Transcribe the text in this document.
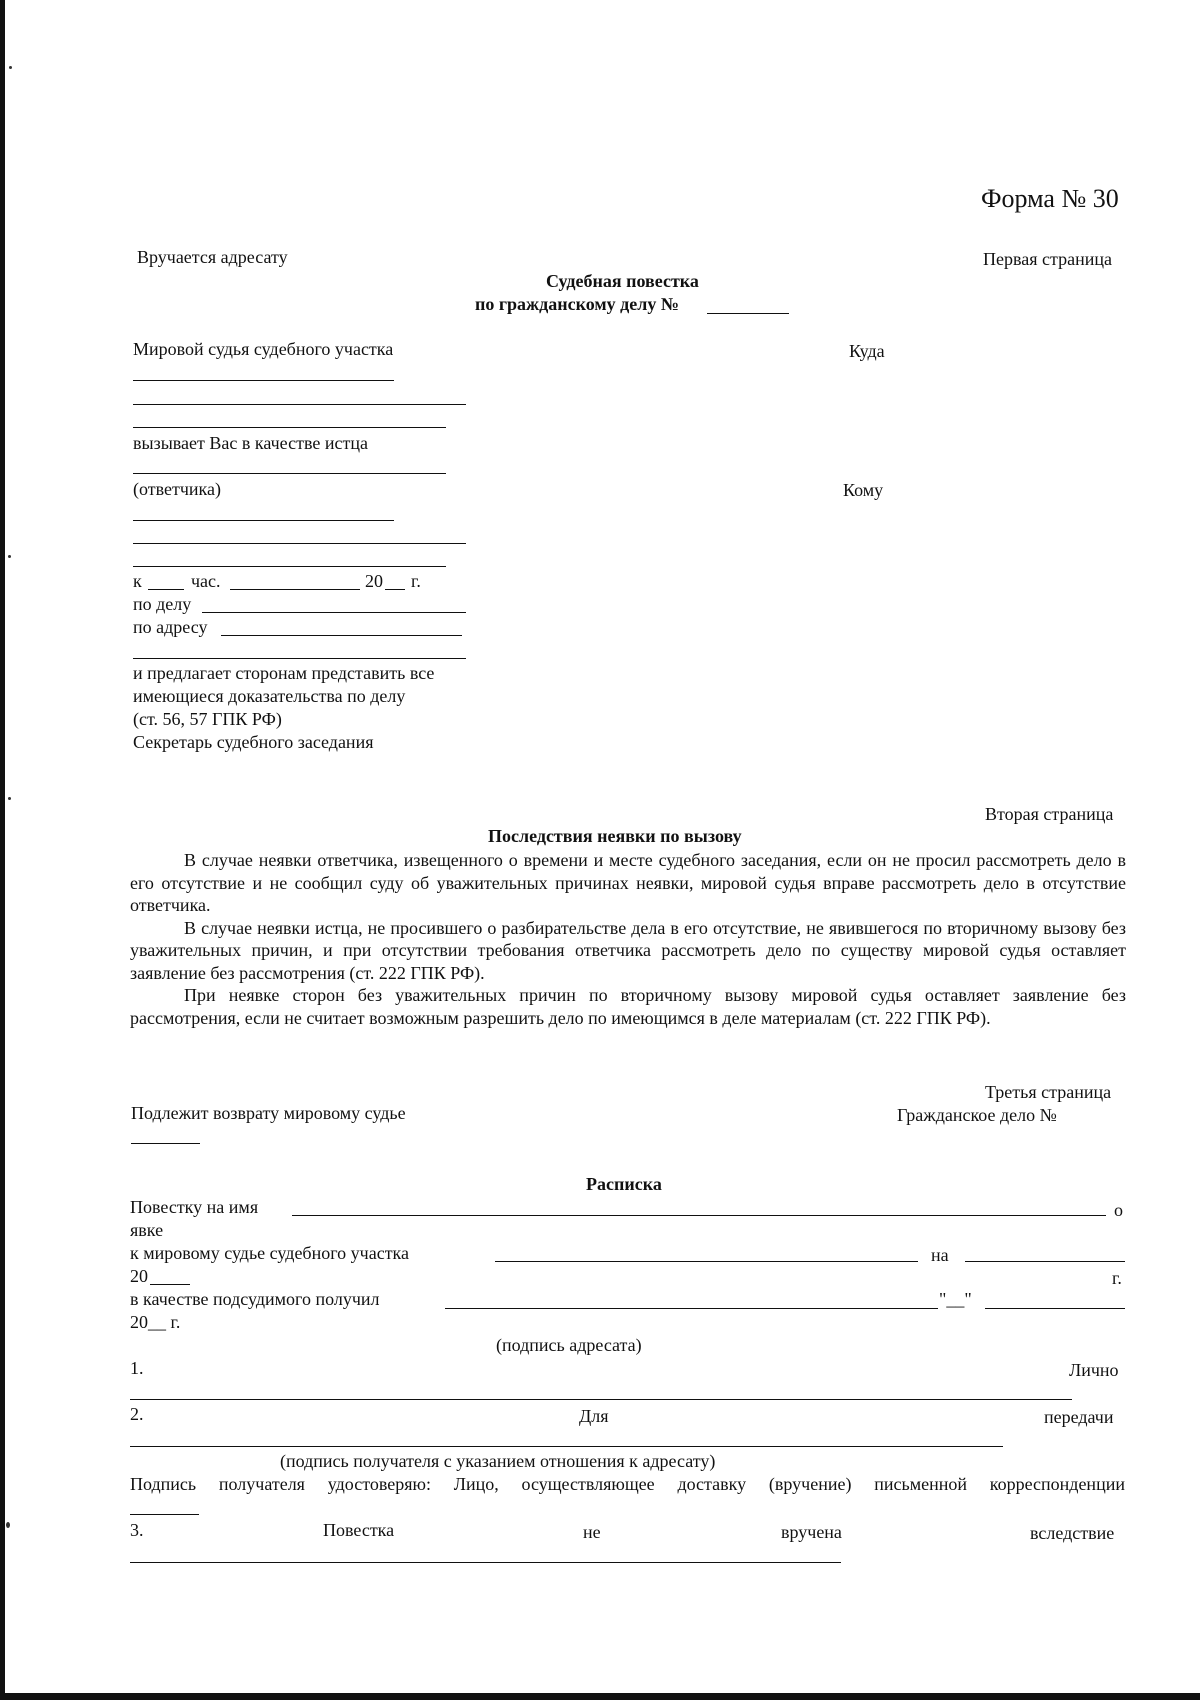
Форма № 30
Вручается адресату	Первая страница
Судебная повестка
по гражданскому делу №
Мировой судья судебного участка	Куда
вызывает Вас в качестве истца
(ответчика)	Кому
к	час.	20 г.
по делу
по адресу
и предлагает сторонам представить все
имеющиеся доказательства по делу
(ст. 56, 57 ГПК РФ)
Секретарь судебного заседания
Вторая страница
Последствия неявки по вызову

В случае неявки ответчика, извещенного о времени и месте судебного заседания, если он не просил рассмотреть дело в его отсутствие и не сообщил суду об уважительных причинах неявки, мировой судья вправе рассмотреть дело в отсутствие ответчика.

В случае неявки истца, не просившего о разбирательстве дела в его отсутствие, не явившегося по вторичному вызову без уважительных причин, и при отсутствии требования ответчика рассмотреть дело по существу мировой судья оставляет заявление без рассмотрения (ст. 222 ГПК РФ).

При неявке сторон без уважительных причин по вторичному вызову мировой судья оставляет заявление без рассмотрения, если не считает возможным разрешить дело по имеющимся в деле материалам (ст. 222 ГПК РФ).

Третья страница
Подлежит возврату мировому судье	Гражданское дело №
Расписка
Повестку на имя	о
явке
к мировому судье судебного участка	на
20	г.
в качестве подсудимого получил	"__"
20__ г.
(подпись адресата)
1.	Лично
2.	Для	передачи
(подпись получателя с указанием отношения к адресату)
Подпись получателя удостоверяю: Лицо, осуществляющее доставку (вручение) письменной корреспонденции
3.	Повестка	не	вручена	вследствие
